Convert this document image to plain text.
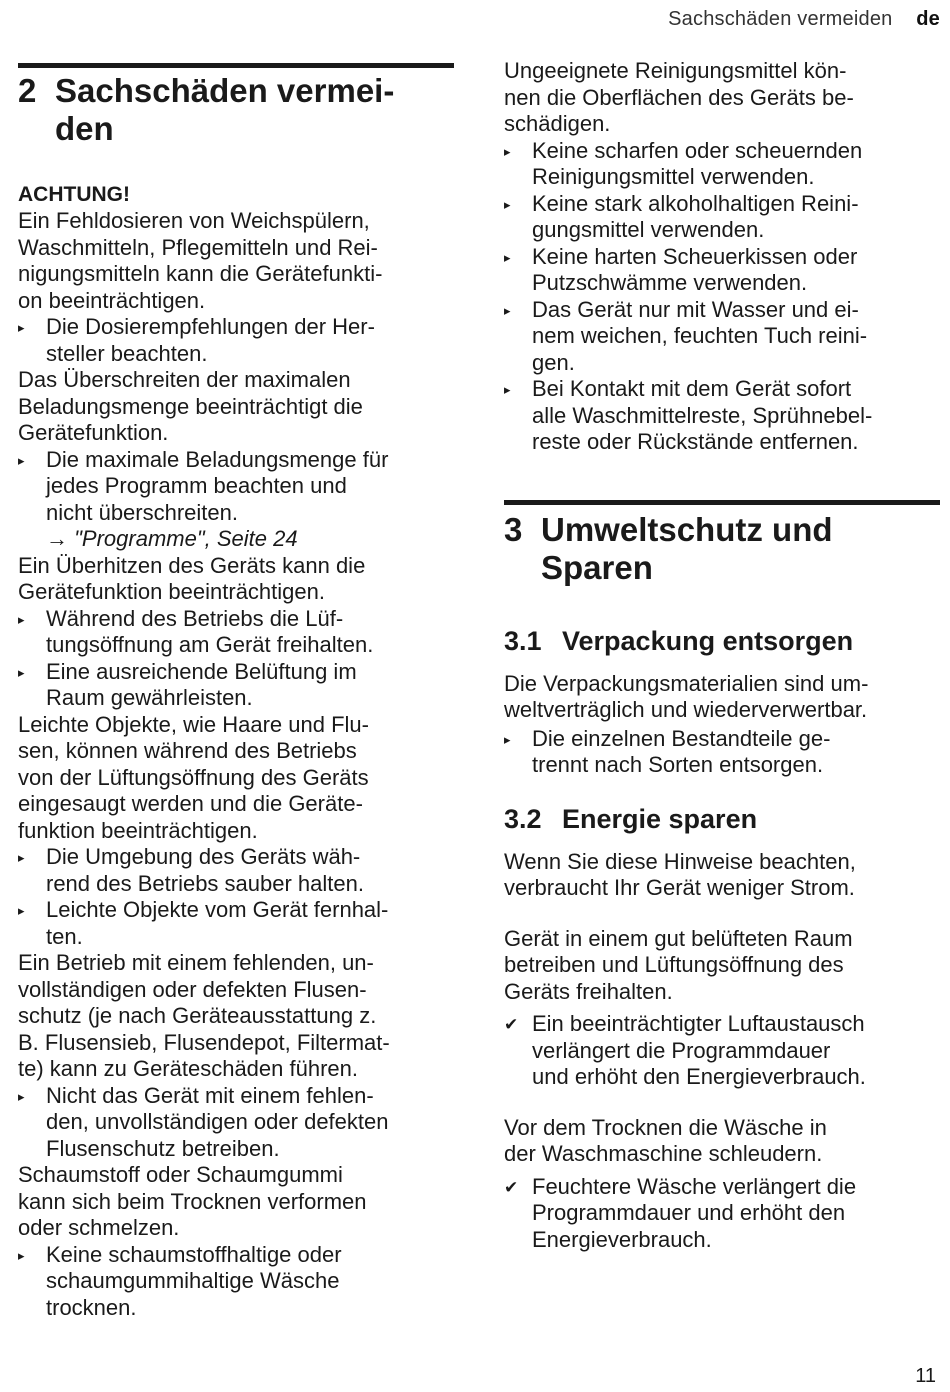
Sachschäden vermeiden de
2 Sachschäden vermei-
den

ACHTUNG!

Ein Fehldosieren von Weichspülern,
Waschmitteln, Pflegemitteln und Rei-
nigungsmitteln kann die Gerätefunkti-
on beeinträchtigen.

▸ Die Dosierempfehlungen der Her-
steller beachten.

Das Überschreiten der maximalen
Beladungsmenge beeinträchtigt die
Gerätefunktion.

▸ Die maximale Beladungsmenge für
jedes Programm beachten und
nicht überschreiten.
→ "Programme", Seite 24

Ein Überhitzen des Geräts kann die
Gerätefunktion beeinträchtigen.

▸ Während des Betriebs die Lüf-
tungsöffnung am Gerät freihalten.
▸ Eine ausreichende Belüftung im
Raum gewährleisten.

Leichte Objekte, wie Haare und Flu-
sen, können während des Betriebs
von der Lüftungsöffnung des Geräts
eingesaugt werden und die Geräte-
funktion beeinträchtigen.

▸ Die Umgebung des Geräts wäh-
rend des Betriebs sauber halten.
▸ Leichte Objekte vom Gerät fernhal-
ten.

Ein Betrieb mit einem fehlenden, un-
vollständigen oder defekten Flusen-
schutz (je nach Geräteausstattung z.
B. Flusensieb, Flusendepot, Filtermat-
te) kann zu Geräteschäden führen.

▸ Nicht das Gerät mit einem fehlen-
den, unvollständigen oder defekten
Flusenschutz betreiben.

Schaumstoff oder Schaumgummi
kann sich beim Trocknen verformen
oder schmelzen.

▸ Keine schaumstoffhaltige oder
schaumgummihaltige Wäsche
trocknen.

Ungeeignete Reinigungsmittel kön-
nen die Oberflächen des Geräts be-
schädigen.

▸ Keine scharfen oder scheuernden
Reinigungsmittel verwenden.
▸ Keine stark alkoholhaltigen Reini-
gungsmittel verwenden.
▸ Keine harten Scheuerkissen oder
Putzschwämme verwenden.
▸ Das Gerät nur mit Wasser und ei-
nem weichen, feuchten Tuch reini-
gen.
▸ Bei Kontakt mit dem Gerät sofort
alle Waschmittelreste, Sprühnebel-
reste oder Rückstände entfernen.
3 Umweltschutz und
Sparen
3.1 Verpackung entsorgen

Die Verpackungsmaterialien sind um-
weltverträglich und wiederverwertbar.

▸ Die einzelnen Bestandteile ge-
trennt nach Sorten entsorgen.
3.2 Energie sparen

Wenn Sie diese Hinweise beachten,
verbraucht Ihr Gerät weniger Strom.

Gerät in einem gut belüfteten Raum
betreiben und Lüftungsöffnung des
Geräts freihalten.

✔ Ein beeinträchtigter Luftaustausch
verlängert die Programmdauer
und erhöht den Energieverbrauch.

Vor dem Trocknen die Wäsche in
der Waschmaschine schleudern.

✔ Feuchtere Wäsche verlängert die
Programmdauer und erhöht den
Energieverbrauch.
11
